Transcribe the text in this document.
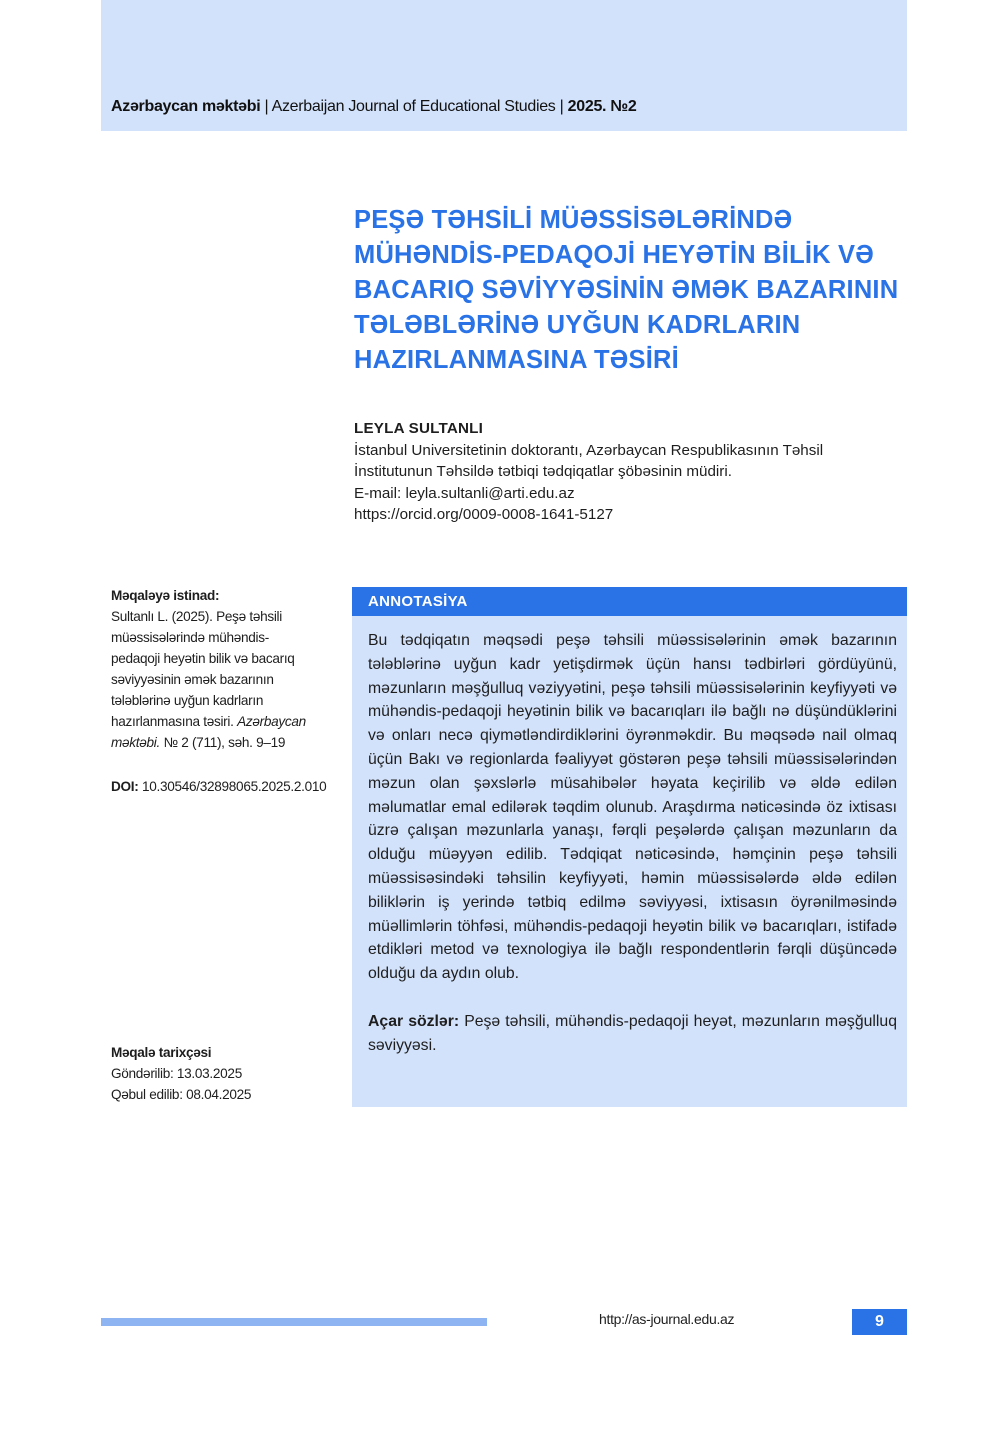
Azərbaycan məktəbi | Azerbaijan Journal of Educational Studies | 2025. №2
PEŞƏ TƏHSİLİ MÜƏSSİSƏLƏRİNDƏ
MÜHƏNDİS-PEDAQOJİ HEYƏTİN BİLİK VƏ
BACARIQ SƏVİYYƏSİNİN ƏMƏK BAZARININ
TƏLƏBLƏRİNƏ UYĞUN KADRLARIN
HAZIRLANMASINA TƏSİRİ
LEYLA SULTANLI
İstanbul Universitetinin doktorantı, Azərbaycan Respublikasının Təhsil
İnstitutunun Təhsildə tətbiqi tədqiqatlar şöbəsinin müdiri.
E-mail: leyla.sultanli@arti.edu.az
https://orcid.org/0009-0008-1641-5127
Məqaləyə istinad:
Sultanlı L. (2025). Peşə təhsili
müəssisələrində mühəndis-
pedaqoji heyətin bilik və bacarıq
səviyyəsinin əmək bazarının
tələblərinə uyğun kadrların
hazırlanmasına təsiri. Azərbaycan
məktəbi. № 2 (711), səh. 9–19
DOI: 10.30546/32898065.2025.2.010
Məqalə tarixçəsi
Göndərilib: 13.03.2025
Qəbul edilib: 08.04.2025
ANNOTASİYA

Bu tədqiqatın məqsədi peşə təhsili müəssisələrinin əmək bazarının tələblərinə uyğun kadr yetişdirmək üçün hansı tədbirləri gördüyünü, məzunların məşğulluq vəziyyətini, peşə təhsili müəssisələrinin keyfiyyəti və mühəndis-pedaqoji heyətinin bilik və bacarıqları ilə bağlı nə düşündüklərini və onları necə qiymətləndirdiklərini öyrənməkdir. Bu məqsədə nail olmaq üçün Bakı və regionlarda fəaliyyət göstərən peşə təhsili müəssisələrindən məzun olan şəxslərlə müsahibələr həyata keçirilib və əldə edilən məlumatlar emal edilərək təqdim olunub. Araşdırma nəticəsində öz ixtisası üzrə çalışan məzunlarla yanaşı, fərqli peşələrdə çalışan məzunların da olduğu müəyyən edilib. Tədqiqat nəticəsində, həmçinin peşə təhsili müəssisəsindəki təhsilin keyfiyyəti, həmin müəssisələrdə əldə edilən biliklərin iş yerində tətbiq edilmə səviyyəsi, ixtisasın öyrənilməsində müəllimlərin töhfəsi, mühəndis-pedaqoji heyətin bilik və bacarıqları, istifadə etdikləri metod və texnologiya ilə bağlı respondentlərin fərqli düşüncədə olduğu da aydın olub.

Açar sözlər: Peşə təhsili, mühəndis-pedaqoji heyət, məzunların məşğulluq səviyyəsi.

http://as-journal.edu.az	9
